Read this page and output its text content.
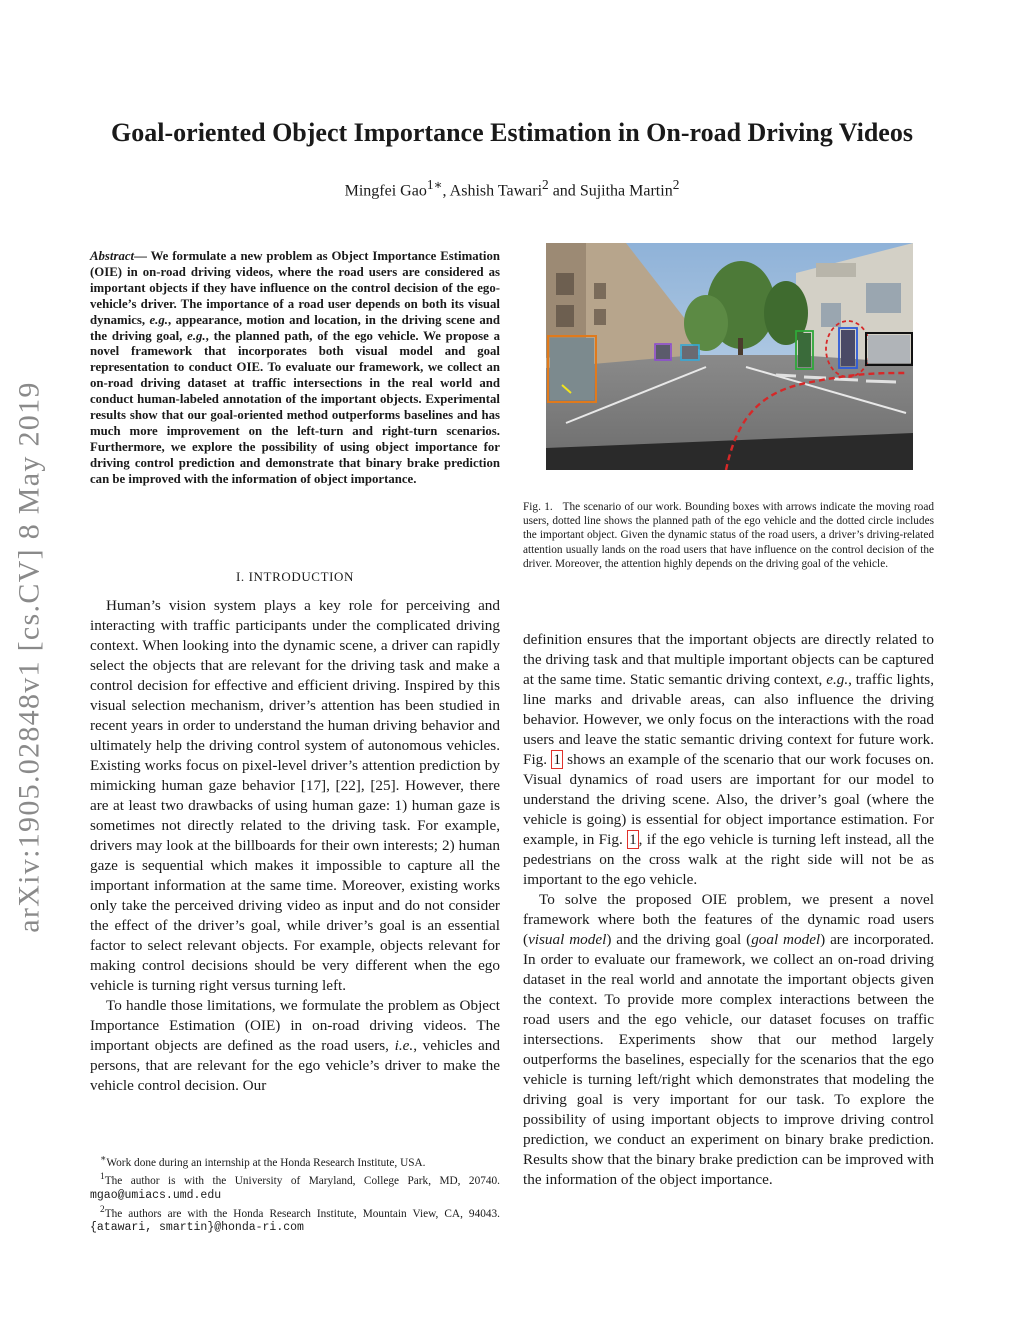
arXiv:1905.02848v1 [cs.CV] 8 May 2019
Goal-oriented Object Importance Estimation in On-road Driving Videos
Mingfei Gao$^{1∗}$, Ashish Tawari$^2$ and Sujitha Martin$^2$

Abstract— We formulate a new problem as Object Importance Estimation (OIE) in on-road driving videos, where the road users are considered as important objects if they have influence on the control decision of the ego-vehicle’s driver. The importance of a road user depends on both its visual dynamics, e.g., appearance, motion and location, in the driving scene and the driving goal, e.g., the planned path, of the ego vehicle. We propose a novel framework that incorporates both visual model and goal representation to conduct OIE. To evaluate our framework, we collect an on-road driving dataset at traffic intersections in the real world and conduct human-labeled annotation of the important objects. Experimental results show that our goal-oriented method outperforms baselines and has much more improvement on the left-turn and right-turn scenarios. Furthermore, we explore the possibility of using object importance for driving control prediction and demonstrate that binary brake prediction can be improved with the information of object importance.

I. INTRODUCTION

Human’s vision system plays a key role for perceiving and interacting with traffic participants under the complicated driving context. When looking into the dynamic scene, a driver can rapidly select the objects that are relevant for the driving task and make a control decision for effective and efficient driving. Inspired by this visual selection mechanism, driver’s attention has been studied in recent years in order to understand the human driving behavior and ultimately help the driving control system of autonomous vehicles. Existing works focus on pixel-level driver’s attention prediction by mimicking human gaze behavior [17], [22], [25]. However, there are at least two drawbacks of using human gaze: 1) human gaze is sometimes not directly related to the driving task. For example, drivers may look at the billboards for their own interests; 2) human gaze is sequential which makes it impossible to capture all the important information at the same time. Moreover, existing works only take the perceived driving video as input and do not consider the effect of the driver’s goal, while driver’s goal is an essential factor to select relevant objects. For example, objects relevant for making control decisions should be very different when the ego vehicle is turning right versus turning left.

To handle those limitations, we formulate the problem as Object Importance Estimation (OIE) in on-road driving videos. The important objects are defined as the road users, i.e., vehicles and persons, that are relevant for the ego vehicle’s driver to make the vehicle control decision. Our

∗Work done during an internship at the Honda Research Institute, USA.
$^1$The author is with the University of Maryland, College Park, MD, 20740. mgao@umiacs.umd.edu
$^2$The authors are with the Honda Research Institute, Mountain View, CA, 94043. {atawari, smartin}@honda-ri.com
Fig. 1. The scenario of our work. Bounding boxes with arrows indicate the moving road users, dotted line shows the planned path of the ego vehicle and the dotted circle includes the important object. Given the dynamic status of the road users, a driver’s driving-related attention usually lands on the road users that have influence on the control decision of the driver. Moreover, the attention highly depends on the driving goal of the vehicle.

definition ensures that the important objects are directly related to the driving task and that multiple important objects can be captured at the same time. Static semantic driving context, e.g., traffic lights, line marks and drivable areas, can also influence the driving behavior. However, we only focus on the interactions with the road users and leave the static semantic driving context for future work. Fig. 1 shows an example of the scenario that our work focuses on. Visual dynamics of road users are important for our model to understand the driving scene. Also, the driver’s goal (where the vehicle is going) is essential for object importance estimation. For example, in Fig. 1 , if the ego vehicle is turning left instead, all the pedestrians on the cross walk at the right side will not be as important to the ego vehicle.

To solve the proposed OIE problem, we present a novel framework where both the features of the dynamic road users (visual model) and the driving goal (goal model) are incorporated. In order to evaluate our framework, we collect an on-road driving dataset in the real world and annotate the important objects given the context. To provide more complex interactions between the road users and the ego vehicle, our dataset focuses on traffic intersections. Experiments show that our method largely outperforms the baselines, especially for the scenarios that the ego vehicle is turning left/right which demonstrates that modeling the driving goal is very important for our task. To explore the possibility of using important objects to improve driving control prediction, we conduct an experiment on binary brake prediction. Results show that the binary brake prediction can be improved with the information of the object importance.
